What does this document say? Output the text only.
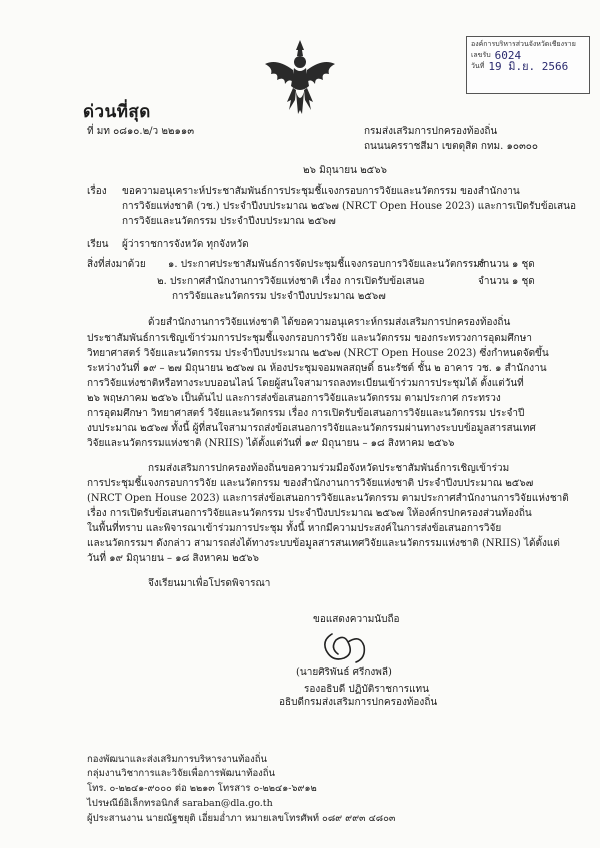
องค์การบริหารส่วนจังหวัดเชียงราย
เลขรับ 6024
วันที่ 19 มิ.ย. 2566
ด่วนที่สุด
ที่ มท ๐๘๑๐.๒/ว ๒๒๑๑๓	กรมส่งเสริมการปกครองท้องถิ่น
ถนนนครราชสีมา เขตดุสิต กทม. ๑๐๓๐๐
๒๖ มิถุนายน ๒๕๖๖
เรื่อง ขอความอนุเคราะห์ประชาสัมพันธ์การประชุมชี้แจงกรอบการวิจัยและนวัตกรรม ของสำนักงาน
การวิจัยแห่งชาติ (วช.) ประจำปีงบประมาณ ๒๕๖๗ (NRCT Open House 2023) และการเปิดรับข้อเสนอ
การวิจัยและนวัตกรรม ประจำปีงบประมาณ ๒๕๖๗
เรียน ผู้ว่าราชการจังหวัด ทุกจังหวัด
สิ่งที่ส่งมาด้วย ๑. ประกาศประชาสัมพันธ์การจัดประชุมชี้แจงกรอบการวิจัยและนวัตกรรมฯ
จำนวน ๑ ชุด
๒. ประกาศสำนักงานการวิจัยแห่งชาติ เรื่อง การเปิดรับข้อเสนอ	จำนวน ๑ ชุด
การวิจัยและนวัตกรรม ประจำปีงบประมาณ ๒๕๖๗
ด้วยสำนักงานการวิจัยแห่งชาติ ได้ขอความอนุเคราะห์กรมส่งเสริมการปกครองท้องถิ่น
ประชาสัมพันธ์การเชิญเข้าร่วมการประชุมชี้แจงกรอบการวิจัย และนวัตกรรม ของกระทรวงการอุดมศึกษา
วิทยาศาสตร์ วิจัยและนวัตกรรม ประจำปีงบประมาณ ๒๕๖๗ (NRCT Open House 2023) ซึ่งกำหนดจัดขึ้น
ระหว่างวันที่ ๑๙ – ๒๗ มิถุนายน ๒๕๖๗ ณ ห้องประชุมจอมพลสฤษดิ์ ธนะรัชต์ ชั้น ๒ อาคาร วช. ๑ สำนักงาน
การวิจัยแห่งชาติหรือทางระบบออนไลน์ โดยผู้สนใจสามารถลงทะเบียนเข้าร่วมการประชุมได้ ตั้งแต่วันที่
๒๖ พฤษภาคม ๒๕๖๖ เป็นต้นไป และการส่งข้อเสนอการวิจัยและนวัตกรรม ตามประกาศ กระทรวง
การอุดมศึกษา วิทยาศาสตร์ วิจัยและนวัตกรรม เรื่อง การเปิดรับข้อเสนอการวิจัยและนวัตกรรม ประจำปี
งบประมาณ ๒๕๖๗ ทั้งนี้ ผู้ที่สนใจสามารถส่งข้อเสนอการวิจัยและนวัตกรรมผ่านทางระบบข้อมูลสารสนเทศ
วิจัยและนวัตกรรมแห่งชาติ (NRIIS) ได้ตั้งแต่วันที่ ๑๙ มิถุนายน – ๑๘ สิงหาคม ๒๕๖๖
กรมส่งเสริมการปกครองท้องถิ่นขอความร่วมมือจังหวัดประชาสัมพันธ์การเชิญเข้าร่วม
การประชุมชี้แจงกรอบการวิจัย และนวัตกรรม ของสำนักงานการวิจัยแห่งชาติ ประจำปีงบประมาณ ๒๕๖๗
(NRCT Open House 2023) และการส่งข้อเสนอการวิจัยและนวัตกรรม ตามประกาศสำนักงานการวิจัยแห่งชาติ
เรื่อง การเปิดรับข้อเสนอการวิจัยและนวัตกรรม ประจำปีงบประมาณ ๒๕๖๗ ให้องค์กรปกครองส่วนท้องถิ่น
ในพื้นที่ทราบ และพิจารณาเข้าร่วมการประชุม ทั้งนี้ หากมีความประสงค์ในการส่งข้อเสนอการวิจัย
และนวัตกรรมฯ ดังกล่าว สามารถส่งได้ทางระบบข้อมูลสารสนเทศวิจัยและนวัตกรรมแห่งชาติ (NRIIS) ได้ตั้งแต่
วันที่ ๑๙ มิถุนายน – ๑๘ สิงหาคม ๒๕๖๖
จึงเรียนมาเพื่อโปรดพิจารณา
ขอแสดงความนับถือ
(นายศิริพันธ์ ศรีกงพลี)
รองอธิบดี ปฏิบัติราชการแทน
อธิบดีกรมส่งเสริมการปกครองท้องถิ่น
กองพัฒนาและส่งเสริมการบริหารงานท้องถิ่น
กลุ่มงานวิชาการและวิจัยเพื่อการพัฒนาท้องถิ่น
โทร. ๐-๒๒๔๑-๙๐๐๐ ต่อ ๒๒๑๓ โทรสาร ๐-๒๒๔๑-๖๙๑๒
ไปรษณีย์อิเล็กทรอนิกส์ saraban@dla.go.th
ผู้ประสานงาน นายณัฐชยุติ เอี่ยมอ่ำภา หมายเลขโทรศัพท์ ๐๘๙ ๙๙๓ ๔๘๐๓
